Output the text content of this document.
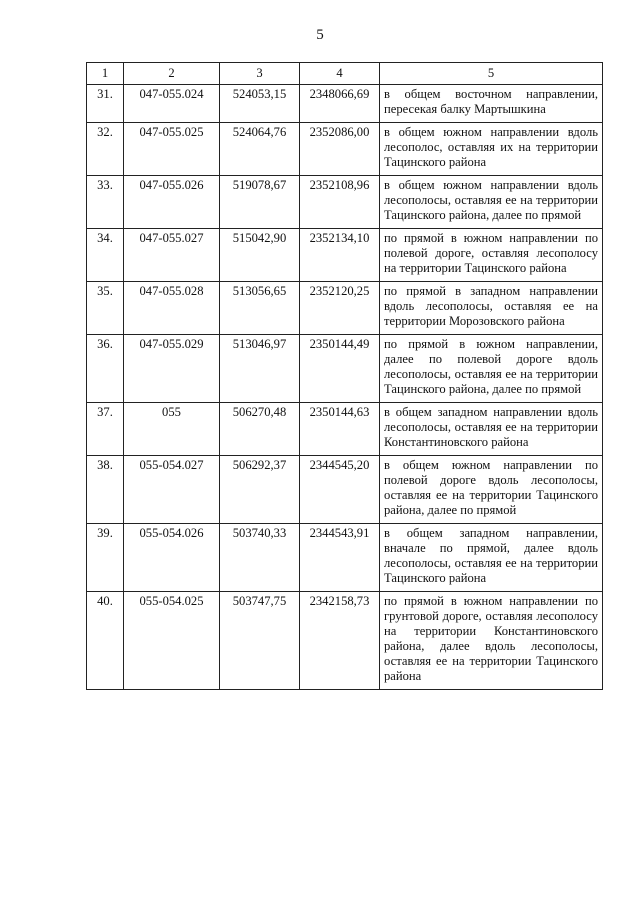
5
1	2	3	4	5
31.	047-055.024	524053,15	2348066,69	в общем восточном направлении, пересекая балку Мартышкина
32.	047-055.025	524064,76	2352086,00	в общем южном направлении вдоль лесополос, оставляя их на территории Тацинского района
33.	047-055.026	519078,67	2352108,96	в общем южном направлении вдоль лесополосы, оставляя ее на территории Тацинского района, далее по прямой
34.	047-055.027	515042,90	2352134,10	по прямой в южном направлении по полевой дороге, оставляя лесополосу на территории Тацинского района
35.	047-055.028	513056,65	2352120,25	по прямой в западном направлении вдоль лесополосы, оставляя ее на территории Морозовского района
36.	047-055.029	513046,97	2350144,49	по прямой в южном направлении, далее по полевой дороге вдоль лесополосы, оставляя ее на территории Тацинского района, далее по прямой
37.	055	506270,48	2350144,63	в общем западном направлении вдоль лесополосы, оставляя ее на территории Константиновского района
38.	055-054.027	506292,37	2344545,20	в общем южном направлении по полевой дороге вдоль лесополосы, оставляя ее на территории Тацинского района, далее по прямой
39.	055-054.026	503740,33	2344543,91	в общем западном направлении, вначале по прямой, далее вдоль лесополосы, оставляя ее на территории Тацинского района
40.	055-054.025	503747,75	2342158,73	по прямой в южном направлении по грунтовой дороге, оставляя лесополосу на территории Константиновского района, далее вдоль лесополосы, оставляя ее на территории Тацинского района
